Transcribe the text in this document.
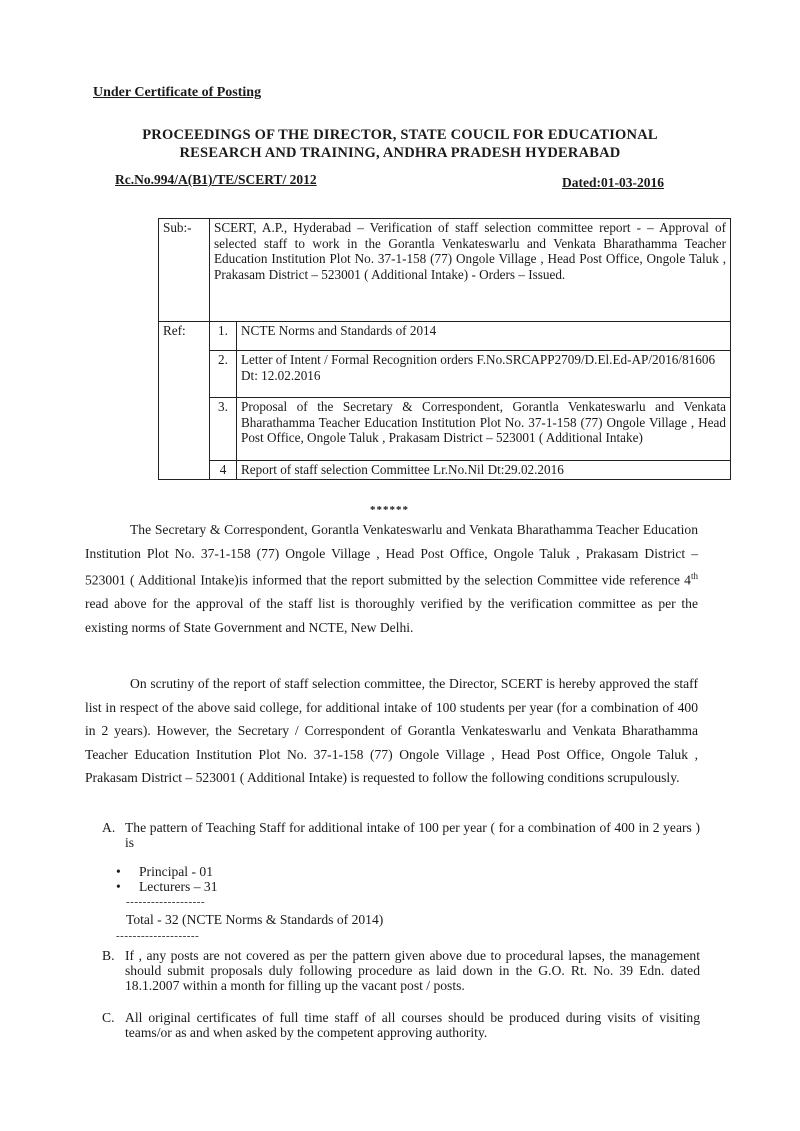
Under Certificate of Posting
PROCEEDINGS OF THE DIRECTOR, STATE COUCIL FOR EDUCATIONAL
RESEARCH AND TRAINING, ANDHRA PRADESH HYDERABAD
Rc.No.994/A(B1)/TE/SCERT/ 2012	Dated:01-03-2016
Sub:-	SCERT, A.P., Hyderabad – Verification of staff selection committee report - – Approval of selected staff to work in the Gorantla Venkateswarlu and Venkata Bharathamma Teacher Education Institution Plot No. 37-1-158 (77) Ongole Village , Head Post Office, Ongole Taluk , Prakasam District – 523001 ( Additional Intake) - Orders – Issued.	
Ref:	1.	NCTE Norms and Standards of 2014
	2.	Letter of Intent / Formal Recognition orders F.No.SRCAPP2709/D.El.Ed-AP/2016/81606 Dt: 12.02.2016
	3.	Proposal of the Secretary & Correspondent, Gorantla Venkateswarlu and Venkata Bharathamma Teacher Education Institution Plot No. 37-1-158 (77) Ongole Village , Head Post Office, Ongole Taluk , Prakasam District – 523001 ( Additional Intake)
	4	Report of staff selection Committee Lr.No.Nil Dt:29.02.2016
******
The Secretary & Correspondent, Gorantla Venkateswarlu and Venkata Bharathamma Teacher Education Institution Plot No. 37-1-158 (77) Ongole Village , Head Post Office, Ongole Taluk , Prakasam District – 523001 ( Additional Intake)is informed that the report submitted by the selection Committee vide reference 4th read above for the approval of the staff list is thoroughly verified by the verification committee as per the existing norms of State Government and NCTE, New Delhi.
On scrutiny of the report of staff selection committee, the Director, SCERT is hereby approved the staff list in respect of the above said college, for additional intake of 100 students per year (for a combination of 400 in 2 years). However, the Secretary / Correspondent of Gorantla Venkateswarlu and Venkata Bharathamma Teacher Education Institution Plot No. 37-1-158 (77) Ongole Village , Head Post Office, Ongole Taluk , Prakasam District – 523001 ( Additional Intake) is requested to follow the following conditions scrupulously.
A. The pattern of Teaching Staff for additional intake of 100 per year ( for a combination of 400 in 2 years ) is
• Principal - 01
• Lecturers – 31
-------------------
Total - 32 (NCTE Norms & Standards of 2014)
--------------------
B. If , any posts are not covered as per the pattern given above due to procedural lapses, the management should submit proposals duly following procedure as laid down in the G.O. Rt. No. 39 Edn. dated 18.1.2007 within a month for filling up the vacant post / posts.
C. All original certificates of full time staff of all courses should be produced during visits of visiting teams/or as and when asked by the competent approving authority.
